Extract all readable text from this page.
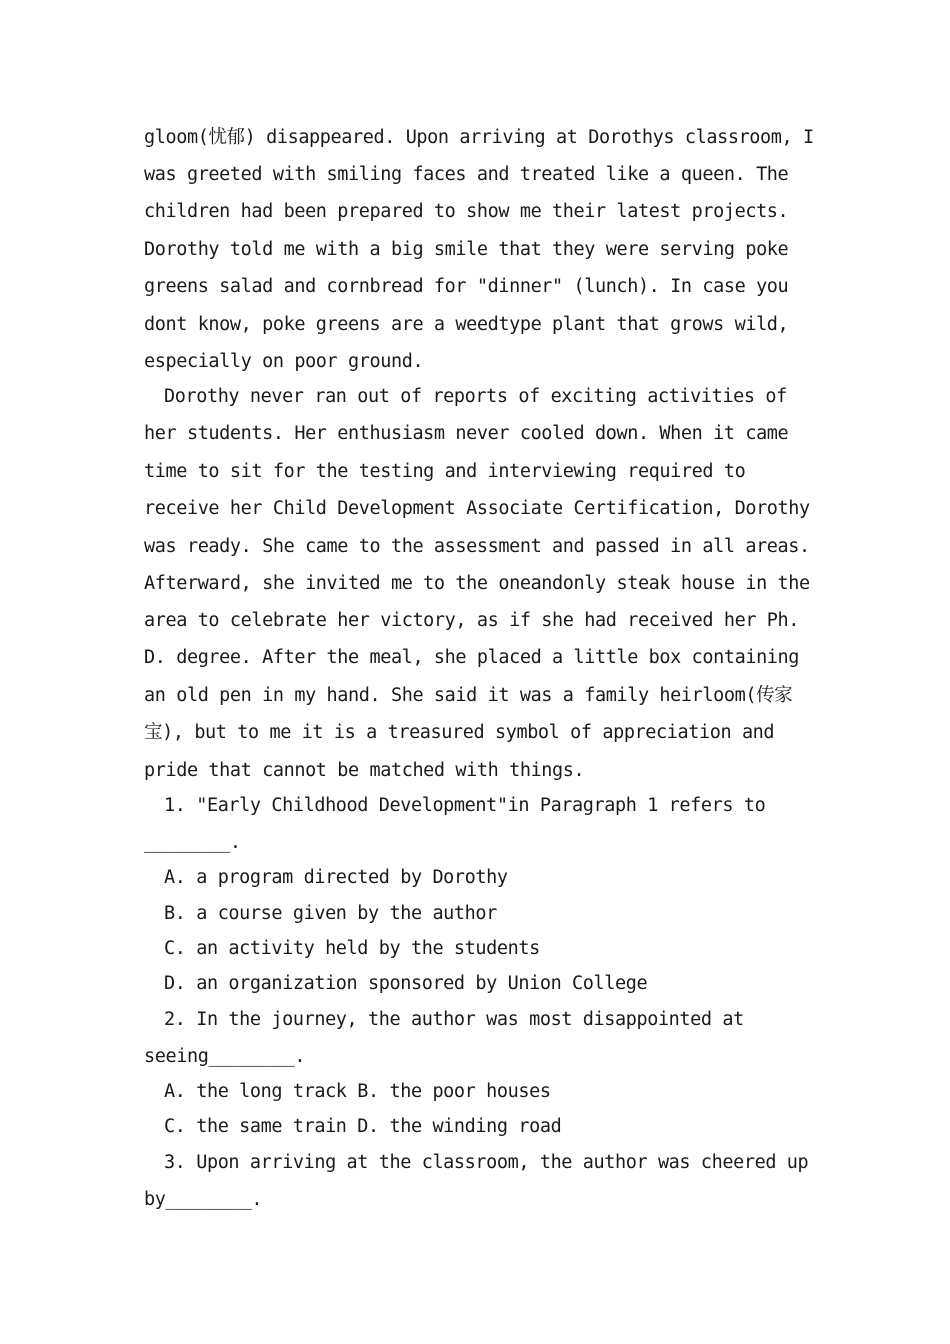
gloom(忧郁) disappeared. Upon arriving at Dorothys classroom, I
was greeted with smiling faces and treated like a queen. The
children had been prepared to show me their latest projects.
Dorothy told me with a big smile that they were serving poke
greens salad and cornbread for "dinner" (lunch). In case you
dont know, poke greens are a weedtype plant that grows wild,
especially on poor ground.
Dorothy never ran out of reports of exciting activities of
her students. Her enthusiasm never cooled down. When it came
time to sit for the testing and interviewing required to
receive her Child Development Associate Certification, Dorothy
was ready. She came to the assessment and passed in all areas.
Afterward, she invited me to the oneandonly steak house in the
area to celebrate her victory, as if she had received her Ph.
D. degree. After the meal, she placed a little box containing
an old pen in my hand. She said it was a family heirloom(传家
宝), but to me it is a treasured symbol of appreciation and
pride that cannot be matched with things.
1. "Early Childhood Development"in Paragraph 1 refers to
________.
A. a program directed by Dorothy
B. a course given by the author
C. an activity held by the students
D. an organization sponsored by Union College
2. In the journey, the author was most disappointed at
seeing________.
A. the long track B. the poor houses
C. the same train D. the winding road
3. Upon arriving at the classroom, the author was cheered up
by________.
